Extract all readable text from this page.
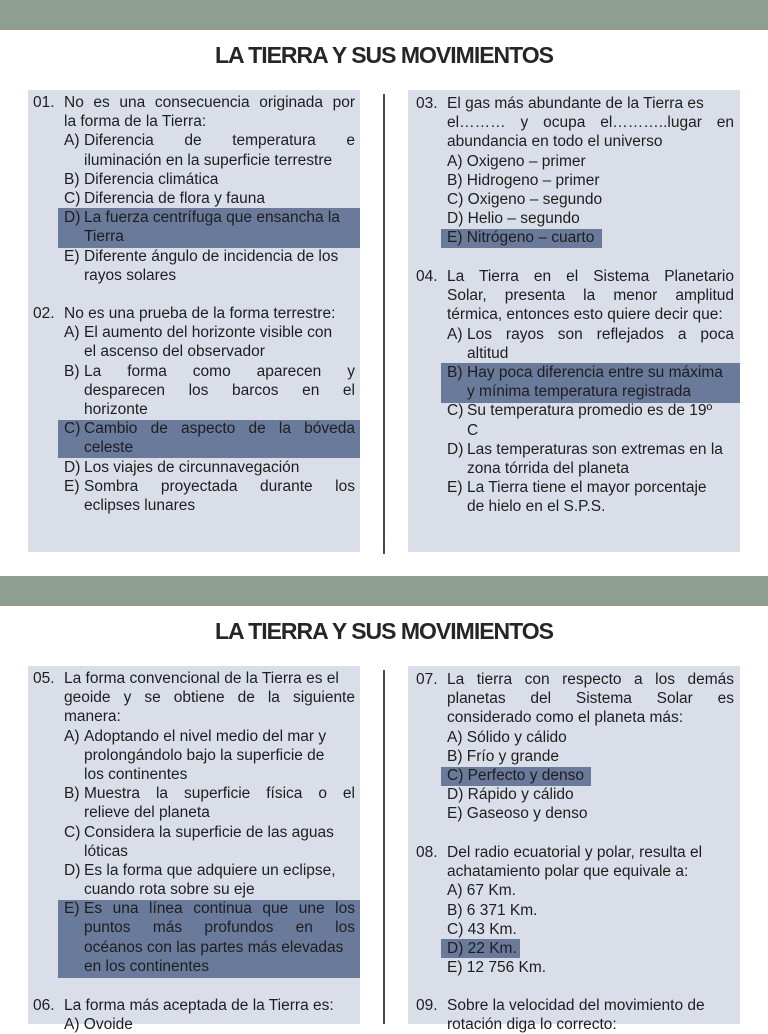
LA TIERRA Y SUS MOVIMIENTOS
01. No es una consecuencia originada por
la forma de la Tierra:
A) Diferencia de temperatura e
iluminación en la superficie terrestre
B) Diferencia climática
C) Diferencia de flora y fauna
D) La fuerza centrífuga que ensancha la
Tierra
E) Diferente ángulo de incidencia de los
rayos solares
02. No es una prueba de la forma terrestre:
A) El aumento del horizonte visible con
el ascenso del observador
B) La forma como aparecen y
desparecen los barcos en el
horizonte
C) Cambio de aspecto de la bóveda
celeste
D) Los viajes de circunnavegación
E) Sombra proyectada durante los
eclipses lunares
03. El gas más abundante de la Tierra es
el……… y ocupa el………..lugar en
abundancia en todo el universo
A) Oxigeno – primer
B) Hidrogeno – primer
C) Oxigeno – segundo
D) Helio – segundo
E) Nitrógeno – cuarto
04. La Tierra en el Sistema Planetario
Solar, presenta la menor amplitud
térmica, entonces esto quiere decir que:
A) Los rayos son reflejados a poca
altitud
B) Hay poca diferencia entre su máxima
y mínima temperatura registrada
C) Su temperatura promedio es de 19º
C
D) Las temperaturas son extremas en la
zona tórrida del planeta
E) La Tierra tiene el mayor porcentaje
de hielo en el S.P.S.
LA TIERRA Y SUS MOVIMIENTOS
05. La forma convencional de la Tierra es el
geoide y se obtiene de la siguiente
manera:
A) Adoptando el nivel medio del mar y
prolongándolo bajo la superficie de
los continentes
B) Muestra la superficie física o el
relieve del planeta
C) Considera la superficie de las aguas
lóticas
D) Es la forma que adquiere un eclipse,
cuando rota sobre su eje
E) Es una línea continua que une los
puntos más profundos en los
océanos con las partes más elevadas
en los continentes
06. La forma más aceptada de la Tierra es:
A) Ovoide
07. La tierra con respecto a los demás
planetas del Sistema Solar es
considerado como el planeta más:
A) Sólido y cálido
B) Frío y grande
C) Perfecto y denso
D) Rápido y cálido
E) Gaseoso y denso
08. Del radio ecuatorial y polar, resulta el
achatamiento polar que equivale a:
A) 67 Km.
B) 6 371 Km.
C) 43 Km.
D) 22 Km.
E) 12 756 Km.
09. Sobre la velocidad del movimiento de
rotación diga lo correcto:
